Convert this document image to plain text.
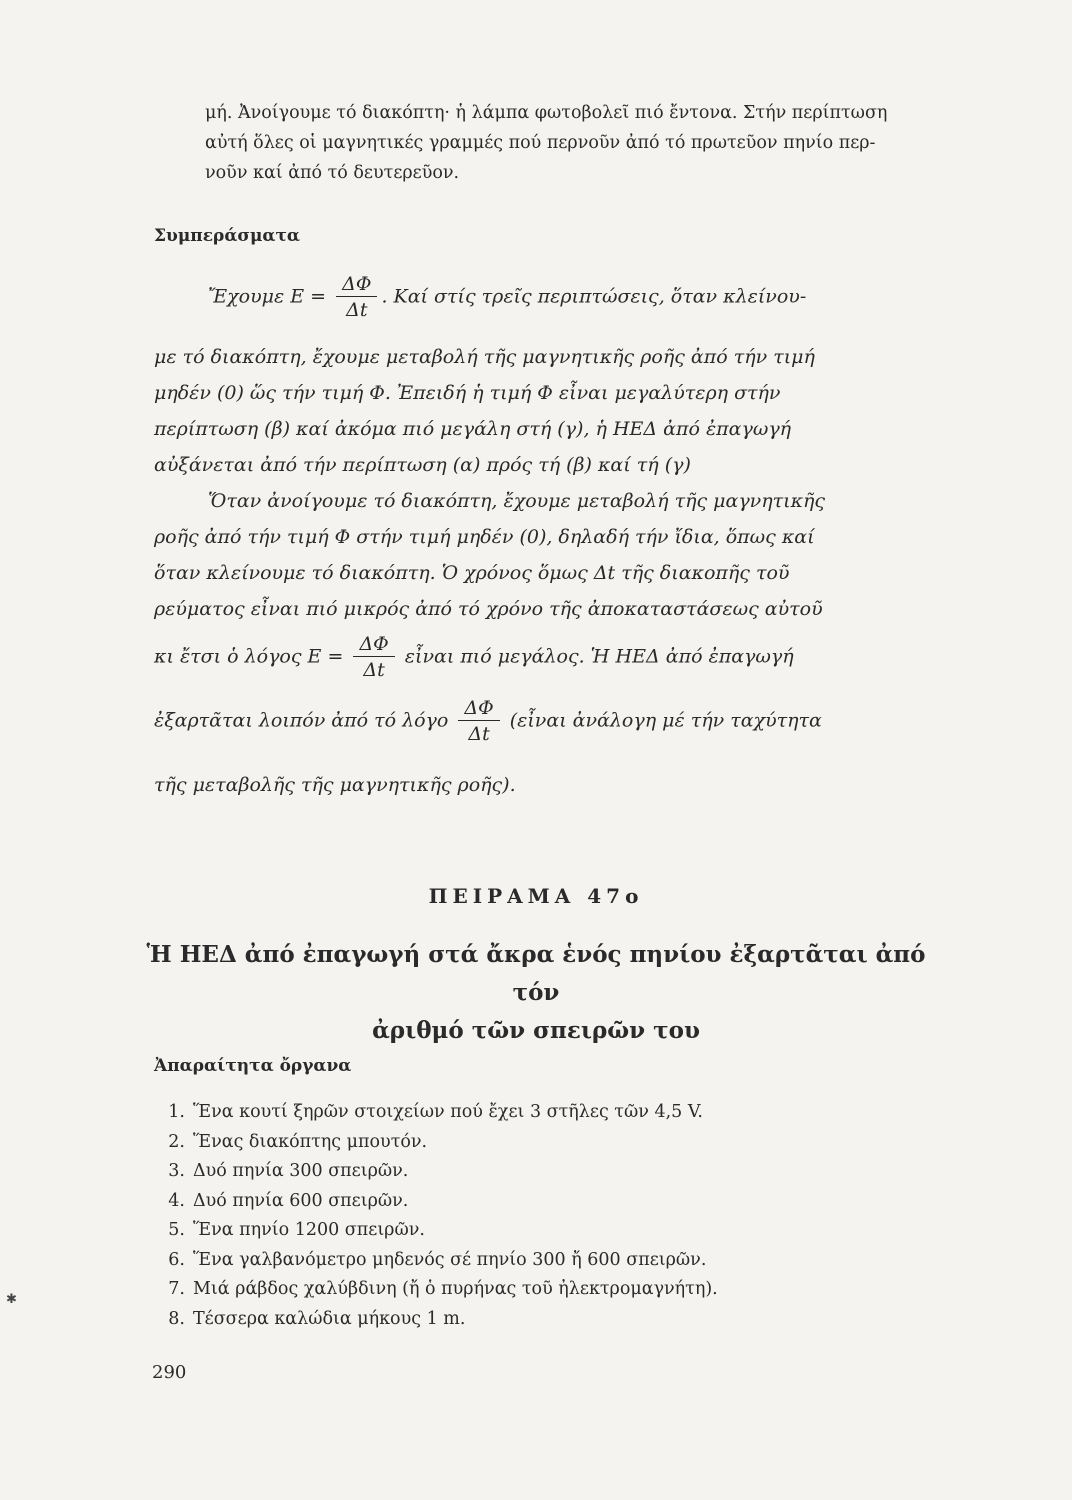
μή. Ἀνοίγουμε τό διακόπτη· ἡ λάμπα φωτοβολεῖ πιό ἔντονα. Στήν περίπτωση
αὐτή ὅλες οἱ μαγνητικές γραμμές πού περνοῦν ἀπό τό πρωτεῦον πηνίο περ-
νοῦν καί ἀπό τό δευτερεῦον.
Συμπεράσματα
Ἔχουμε $E = \frac{\Delta\Phi}{\Delta t}$ . Καί στίς τρεῖς περιπτώσεις, ὅταν κλείνου-
με τό διακόπτη, ἔχουμε μεταβολή τῆς μαγνητικῆς ροῆς ἀπό τήν τιμή
μηδέν (0) ὥς τήν τιμή Φ. Ἐπειδή ἡ τιμή Φ εἶναι μεγαλύτερη στήν
περίπτωση (β) καί ἀκόμα πιό μεγάλη στή (γ), ἡ ΗΕΔ ἀπό ἐπαγωγή
αὐξάνεται ἀπό τήν περίπτωση (α) πρός τή (β) καί τή (γ)
Ὅταν ἀνοίγουμε τό διακόπτη, ἔχουμε μεταβολή τῆς μαγνητικῆς
ροῆς ἀπό τήν τιμή Φ στήν τιμή μηδέν (0), δηλαδή τήν ἴδια, ὅπως καί
ὅταν κλείνουμε τό διακόπτη. Ὁ χρόνος ὅμως Δt τῆς διακοπῆς τοῦ
ρεύματος εἶναι πιό μικρός ἀπό τό χρόνο τῆς ἀποκαταστάσεως αὐτοῦ
κι ἔτσι ὁ λόγος $E = \frac{\Delta\Phi}{\Delta t}$ εἶναι πιό μεγάλος. Ἡ ΗΕΔ ἀπό ἐπαγωγή
ἐξαρτᾶται λοιπόν ἀπό τό λόγο $\frac{\Delta\Phi}{\Delta t}$ (εἶναι ἀνάλογη μέ τήν ταχύτητα
τῆς μεταβολῆς τῆς μαγνητικῆς ροῆς).
ΠΕΙΡΑΜΑ 47ο
Ἡ ΗΕΔ ἀπό ἐπαγωγή στά ἄκρα ἑνός πηνίου ἐξαρτᾶται ἀπό τόν
ἀριθμό τῶν σπειρῶν του
Ἀπαραίτητα ὄργανα
1. Ἕνα κουτί ξηρῶν στοιχείων πού ἔχει 3 στῆλες τῶν 4,5 V.
2. Ἕνας διακόπτης μπουτόν.
3. Δυό πηνία 300 σπειρῶν.
4. Δυό πηνία 600 σπειρῶν.
5. Ἕνα πηνίο 1200 σπειρῶν.
6. Ἕνα γαλβανόμετρο μηδενός σέ πηνίο 300 ἤ 600 σπειρῶν.
7. Μιά ράβδος χαλύβδινη (ἤ ὁ πυρήνας τοῦ ἠλεκτρομαγνήτη).
8. Τέσσερα καλώδια μήκους 1 m.
✱
290
